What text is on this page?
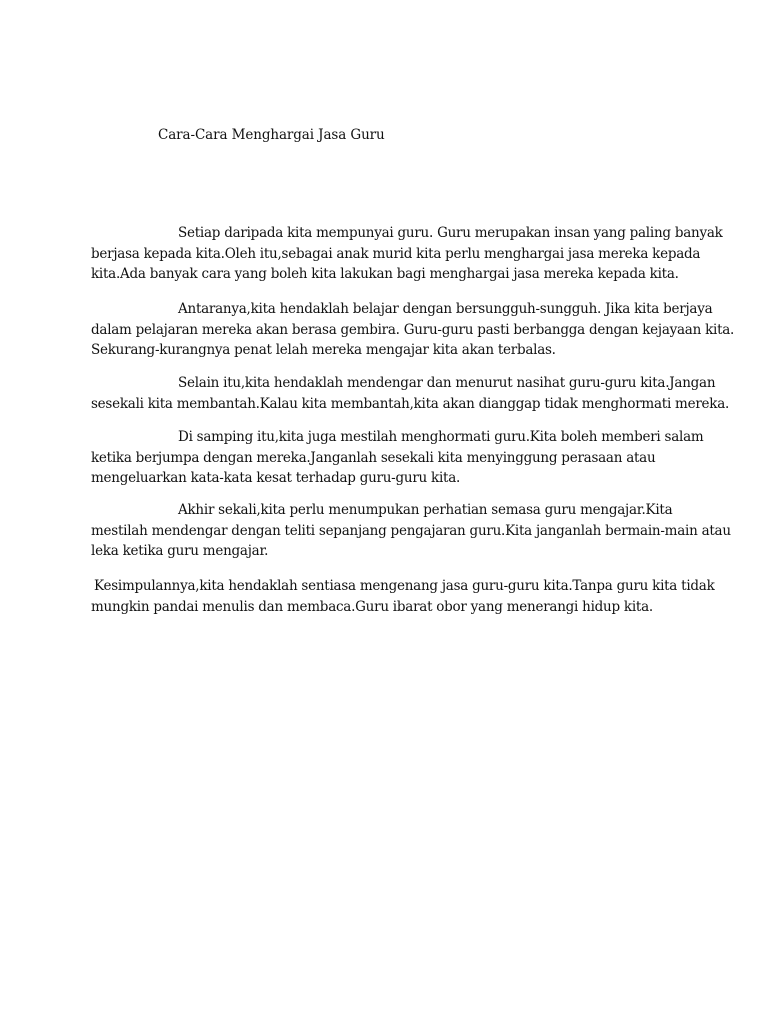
Cara-Cara Menghargai Jasa Guru
Setiap daripada kita mempunyai guru. Guru merupakan insan yang paling banyak
berjasa kepada kita.Oleh itu,sebagai anak murid kita perlu menghargai jasa mereka kepada
kita.Ada banyak cara yang boleh kita lakukan bagi menghargai jasa mereka kepada kita.
Antaranya,kita hendaklah belajar dengan bersungguh-sungguh. Jika kita berjaya
dalam pelajaran mereka akan berasa gembira. Guru-guru pasti berbangga dengan kejayaan kita.
Sekurang-kurangnya penat lelah mereka mengajar kita akan terbalas.
Selain itu,kita hendaklah mendengar dan menurut nasihat guru-guru kita.Jangan
sesekali kita membantah.Kalau kita membantah,kita akan dianggap tidak menghormati mereka.
Di samping itu,kita juga mestilah menghormati guru.Kita boleh memberi salam
ketika berjumpa dengan mereka.Janganlah sesekali kita menyinggung perasaan atau
mengeluarkan kata-kata kesat terhadap guru-guru kita.
Akhir sekali,kita perlu menumpukan perhatian semasa guru mengajar.Kita
mestilah mendengar dengan teliti sepanjang pengajaran guru.Kita janganlah bermain-main atau
leka ketika guru mengajar.
Kesimpulannya,kita hendaklah sentiasa mengenang jasa guru-guru kita.Tanpa guru kita tidak
mungkin pandai menulis dan membaca.Guru ibarat obor yang menerangi hidup kita.
